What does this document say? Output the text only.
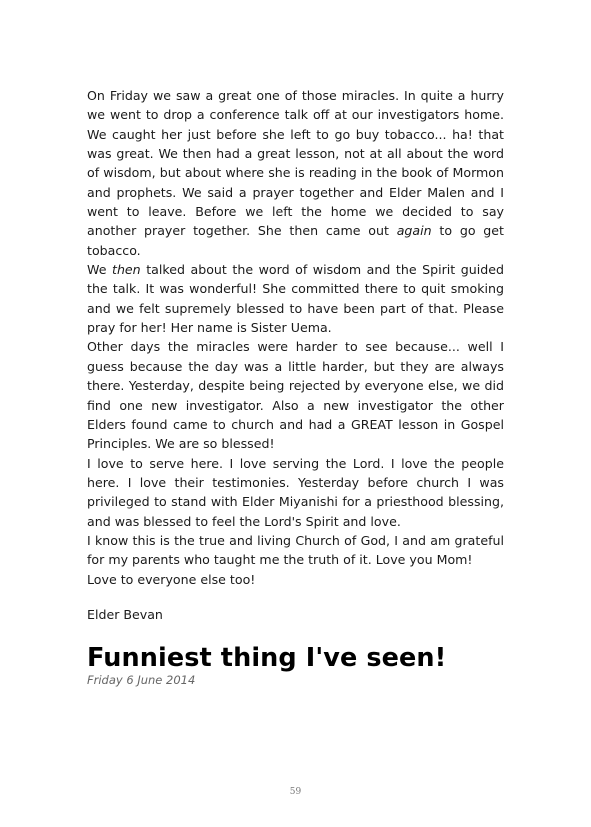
On Friday we saw a great one of those miracles. In quite a hurry we went to drop a conference talk off at our investigators home. We caught her just before she left to go buy tobacco... ha! that was great. We then had a great lesson, not at all about the word of wisdom, but about where she is reading in the book of Mormon and prophets. We said a prayer together and Elder Malen and I went to leave. Before we left the home we decided to say another prayer together. She then came out again to go get tobacco.

We then talked about the word of wisdom and the Spirit guided the talk. It was wonderful! She committed there to quit smoking and we felt supremely blessed to have been part of that. Please pray for her! Her name is Sister Uema.

Other days the miracles were harder to see because... well I guess because the day was a little harder, but they are always there. Yesterday, despite being rejected by everyone else, we did find one new investigator. Also a new investigator the other Elders found came to church and had a GREAT lesson in Gospel Principles. We are so blessed!

I love to serve here. I love serving the Lord. I love the people here. I love their testimonies. Yesterday before church I was privileged to stand with Elder Miyanishi for a priesthood blessing, and was blessed to feel the Lord's Spirit and love.

I know this is the true and living Church of God, I and am grateful for my parents who taught me the truth of it. Love you Mom!

Love to everyone else too!

Elder Bevan

Funniest thing I've seen!

Friday 6 June 2014

59
